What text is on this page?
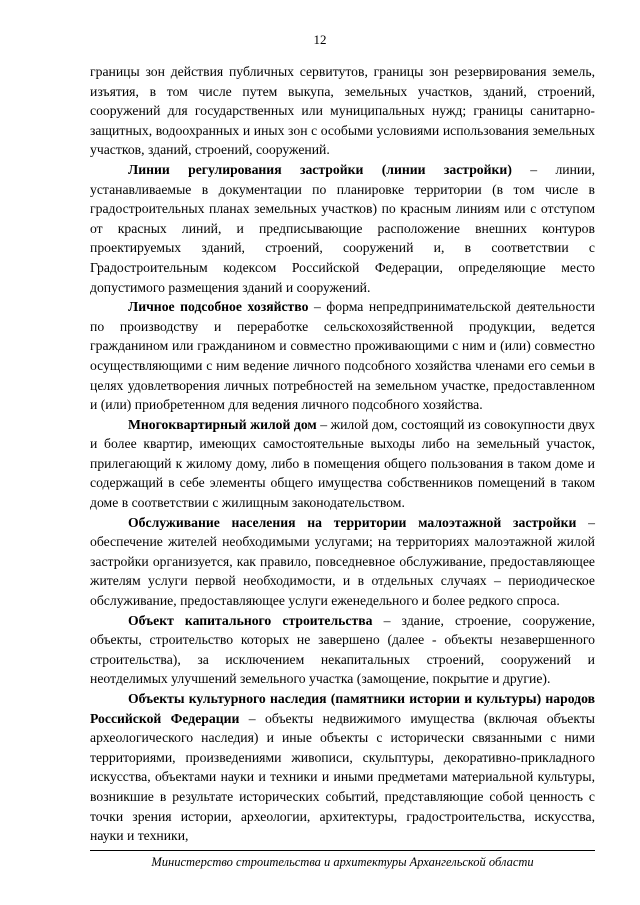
12

границы зон действия публичных сервитутов, границы зон резервирования земель, изъятия, в том числе путем выкупа, земельных участков, зданий, строений, сооружений для государственных или муниципальных нужд; границы санитарно-защитных, водоохранных и иных зон с особыми условиями использования земельных участков, зданий, строений, сооружений.

Линии регулирования застройки (линии застройки) – линии, устанавливаемые в документации по планировке территории (в том числе в градостроительных планах земельных участков) по красным линиям или с отступом от красных линий, и предписывающие расположение внешних контуров проектируемых зданий, строений, сооружений и, в соответствии с Градостроительным кодексом Российской Федерации, определяющие место допустимого размещения зданий и сооружений.

Личное подсобное хозяйство – форма непредпринимательской деятельности по производству и переработке сельскохозяйственной продукции, ведется гражданином или гражданином и совместно проживающими с ним и (или) совместно осуществляющими с ним ведение личного подсобного хозяйства членами его семьи в целях удовлетворения личных потребностей на земельном участке, предоставленном и (или) приобретенном для ведения личного подсобного хозяйства.

Многоквартирный жилой дом – жилой дом, состоящий из совокупности двух и более квартир, имеющих самостоятельные выходы либо на земельный участок, прилегающий к жилому дому, либо в помещения общего пользования в таком доме и содержащий в себе элементы общего имущества собственников помещений в таком доме в соответствии с жилищным законодательством.

Обслуживание населения на территории малоэтажной застройки – обеспечение жителей необходимыми услугами; на территориях малоэтажной жилой застройки организуется, как правило, повседневное обслуживание, предоставляющее жителям услуги первой необходимости, и в отдельных случаях – периодическое обслуживание, предоставляющее услуги еженедельного и более редкого спроса.

Объект капитального строительства – здание, строение, сооружение, объекты, строительство которых не завершено (далее - объекты незавершенного строительства), за исключением некапитальных строений, сооружений и неотделимых улучшений земельного участка (замощение, покрытие и другие).

Объекты культурного наследия (памятники истории и культуры) народов Российской Федерации – объекты недвижимого имущества (включая объекты археологического наследия) и иные объекты с исторически связанными с ними территориями, произведениями живописи, скульптуры, декоративно-прикладного искусства, объектами науки и техники и иными предметами материальной культуры, возникшие в результате исторических событий, представляющие собой ценность с точки зрения истории, археологии, архитектуры, градостроительства, искусства, науки и техники,

Министерство строительства и архитектуры Архангельской области
